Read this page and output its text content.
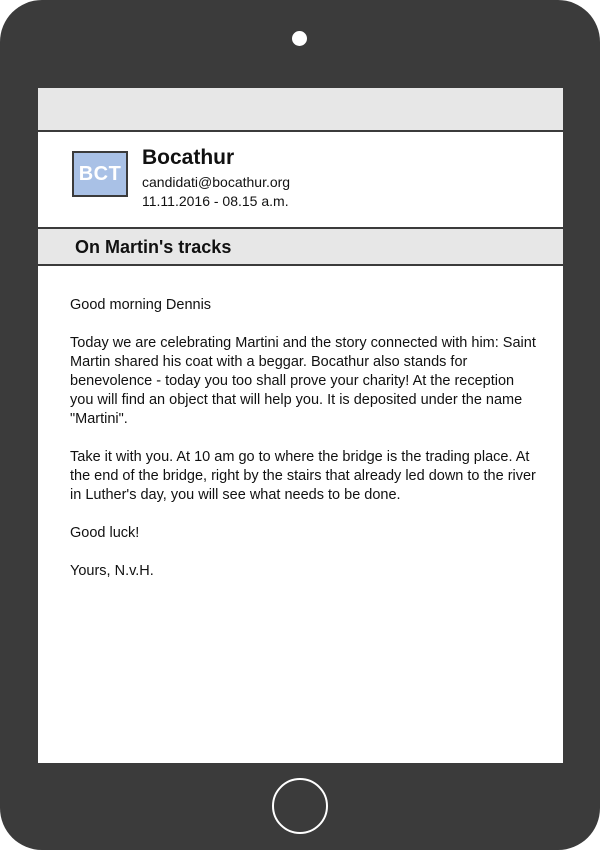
BCT
Bocathur
candidati@bocathur.org
11.11.2016 - 08.15 a.m.
On Martin's tracks

Good morning Dennis

Today we are celebrating Martini and the story connected with him: Saint Martin shared his coat with a beggar. Bocathur also stands for benevolence - today you too shall prove your charity! At the reception you will find an object that will help you. It is deposited under the name "Martini".

Take it with you. At 10 am go to where the bridge is the trading place. At the end of the bridge, right by the stairs that already led down to the river in Luther's day, you will see what needs to be done.

Good luck!

Yours, N.v.H.
